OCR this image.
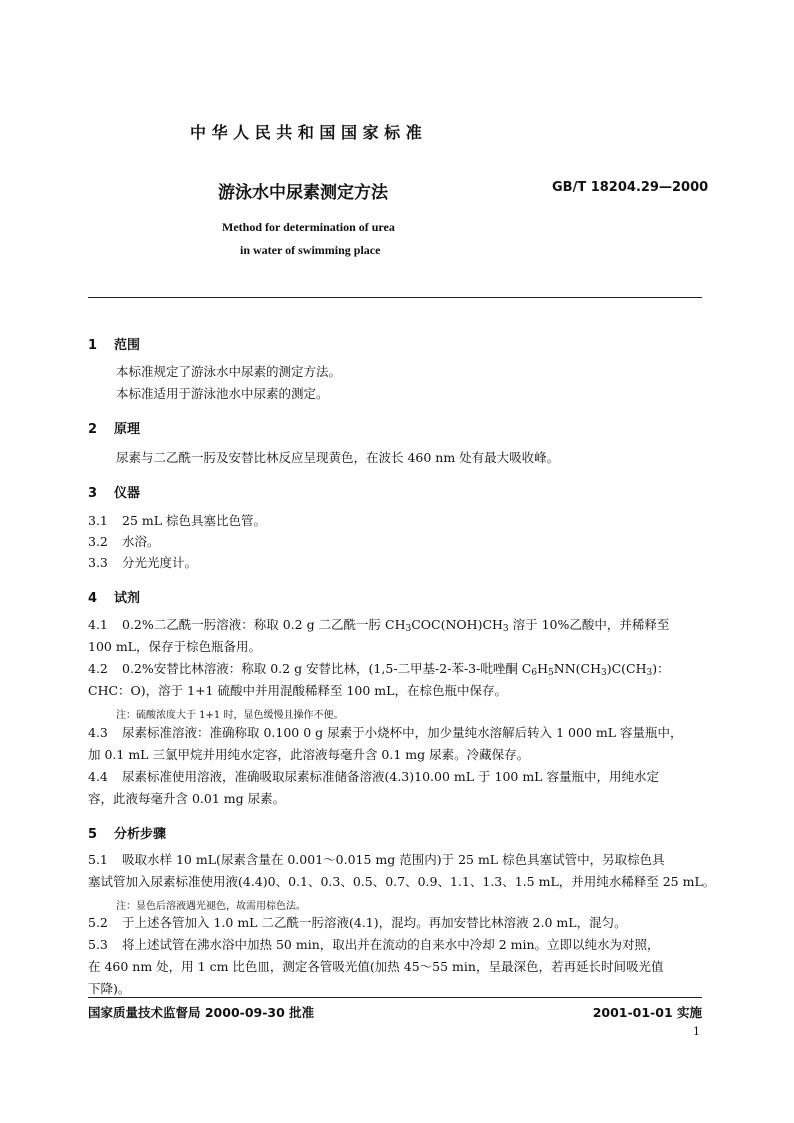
中 华 人 民 共 和 国 国 家 标 准
游泳水中尿素测定方法	GB/T 18204.29—2000
Method for determination of urea
in water of swimming place
1 范围
本标准规定了游泳水中尿素的测定方法。
本标准适用于游泳池水中尿素的测定。
2 原理
尿素与二乙酰一肟及安替比林反应呈现黄色，在波长 460 nm 处有最大吸收峰。
3 仪器
3.1 25 mL 棕色具塞比色管。
3.2 水浴。
3.3 分光光度计。
4 试剂
4.1 0.2%二乙酰一肟溶液：称取 0.2 g 二乙酰一肟 $CH_3COC(NOH)CH_3$ 溶于 10%乙酸中，并稀释至
100 mL，保存于棕色瓶备用。
4.2 0.2%安替比林溶液：称取 0.2 g 安替比林，(1,5-二甲基-2-苯-3-吡唑酮 $C_6H_5NN(CH_3)C(CH_3)$：
CHC：O)，溶于 1+1 硫酸中并用混酸稀释至 100 mL，在棕色瓶中保存。
注：硫酸浓度大于 1+1 时，显色缓慢且操作不便。
4.3 尿素标准溶液：准确称取 0.100 0 g 尿素于小烧杯中，加少量纯水溶解后转入 1 000 mL 容量瓶中，
加 0.1 mL 三氯甲烷并用纯水定容，此溶液每毫升含 0.1 mg 尿素。冷藏保存。
4.4 尿素标准使用溶液，准确吸取尿素标准储备溶液(4.3)10.00 mL 于 100 mL 容量瓶中，用纯水定
容，此液每毫升含 0.01 mg 尿素。
5 分析步骤
5.1 吸取水样 10 mL(尿素含量在 0.001～0.015 mg 范围内)于 25 mL 棕色具塞试管中，另取棕色具
塞试管加入尿素标准使用液(4.4)0、0.1、0.3、0.5、0.7、0.9、1.1、1.3、1.5 mL，并用纯水稀释至 25 mL。
注：显色后溶液遇光褪色，故需用棕色法。
5.2 于上述各管加入 1.0 mL 二乙酰一肟溶液(4.1)，混均。再加安替比林溶液 2.0 mL，混匀。
5.3 将上述试管在沸水浴中加热 50 min，取出并在流动的自来水中冷却 2 min。立即以纯水为对照，
在 460 nm 处，用 1 cm 比色皿，测定各管吸光值(加热 45～55 min，呈最深色，若再延长时间吸光值
下降)。
国家质量技术监督局 2000-09-30 批准	2001-01-01 实施
1
